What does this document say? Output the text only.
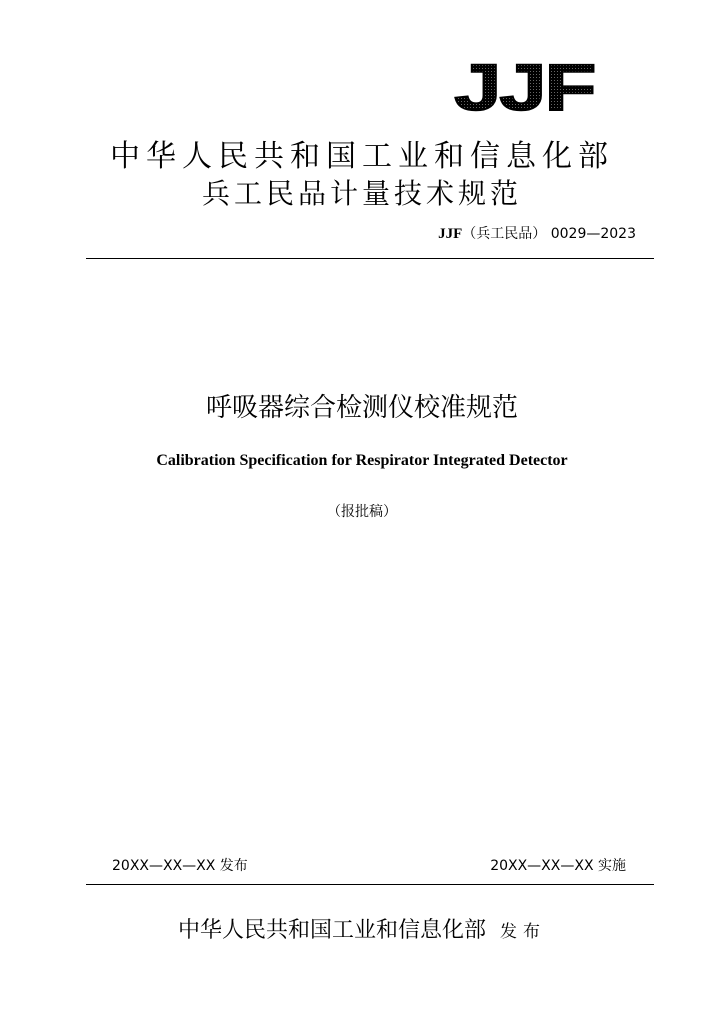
JJF
中华人民共和国工业和信息化部
兵工民品计量技术规范
JJF（兵工民品） 0029—2023
呼吸器综合检测仪校准规范
Calibration Specification for Respirator Integrated Detector
（报批稿）
20XX—XX—XX 发布	20XX—XX—XX 实施
中华人民共和国工业和信息化部 发布
